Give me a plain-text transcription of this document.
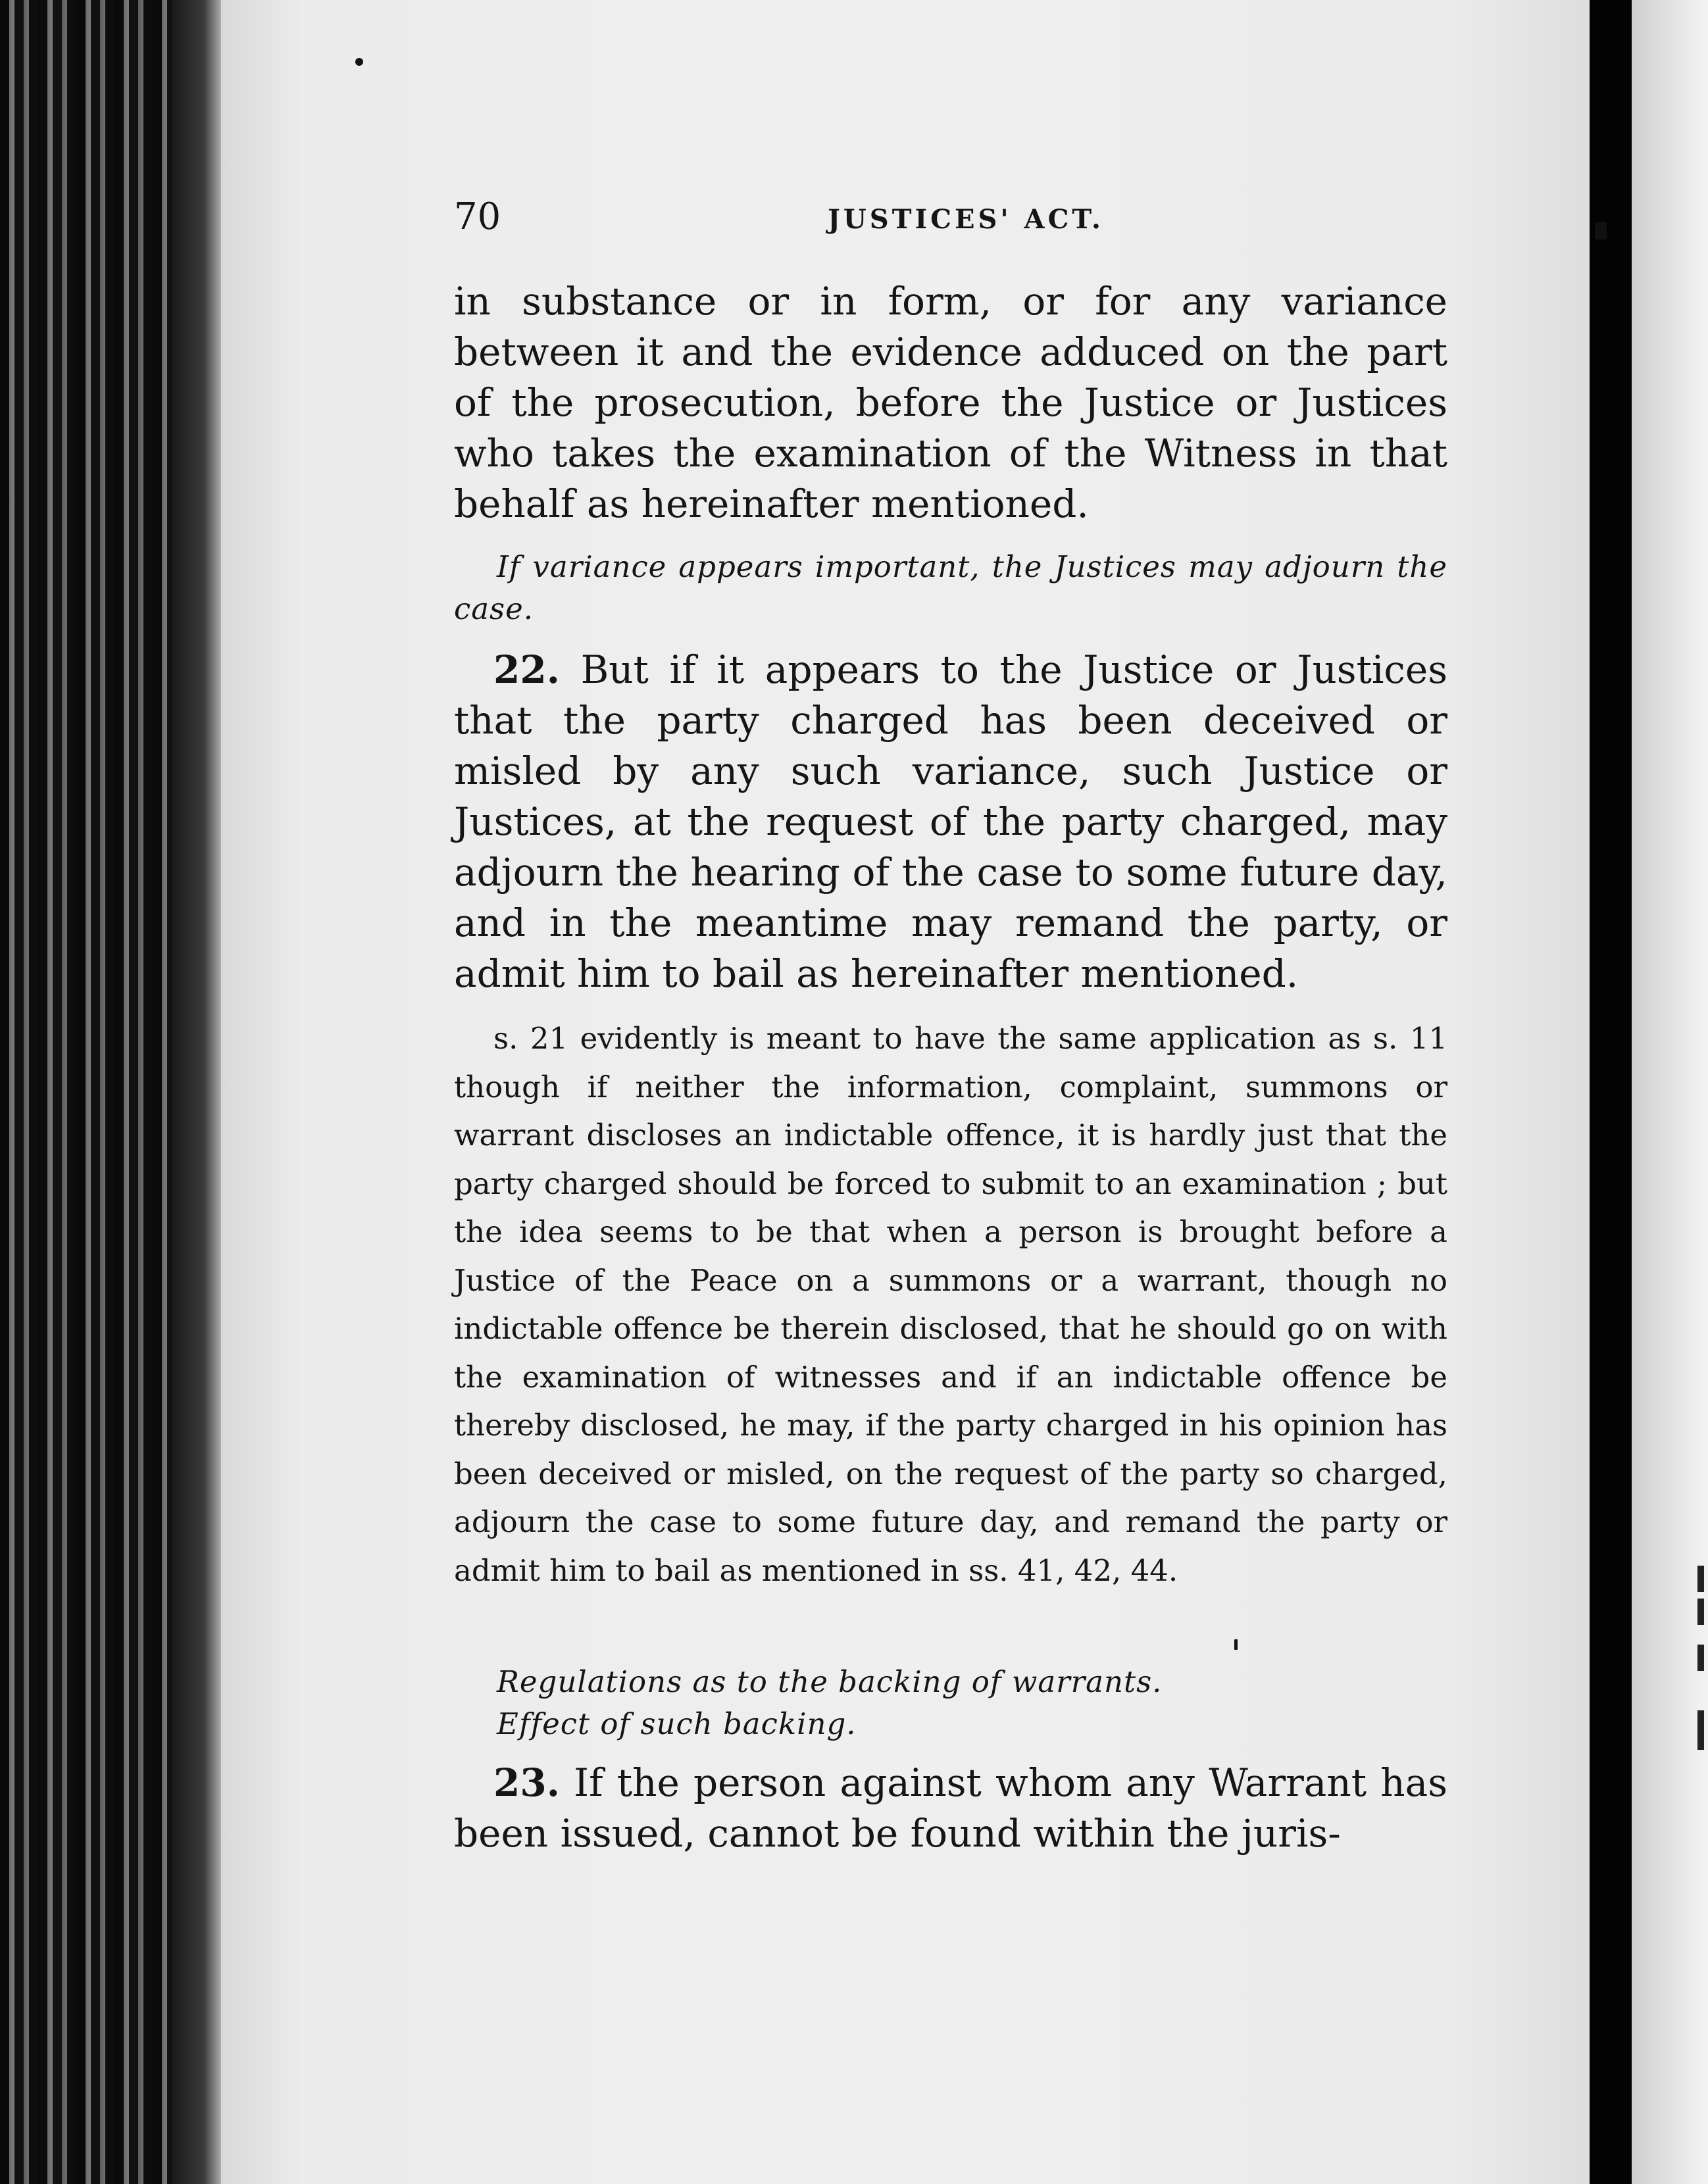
70	JUSTICES' ACT.

in substance or in form, or for any variance between it and the evidence adduced on the part of the prosecution, before the Justice or Justices who takes the examination of the Witness in that behalf as hereinafter mentioned.

If variance appears important, the Justices may adjourn the case.

22. But if it appears to the Justice or Justices that the party charged has been deceived or misled by any such variance, such Justice or Justices, at the request of the party charged, may adjourn the hearing of the case to some future day, and in the meantime may remand the party, or admit him to bail as hereinafter mentioned.

s. 21 evidently is meant to have the same application as s. 11 though if neither the information, complaint, summons or warrant discloses an indictable offence, it is hardly just that the party charged should be forced to submit to an examination ; but the idea seems to be that when a person is brought before a Justice of the Peace on a summons or a warrant, though no indictable offence be therein disclosed, that he should go on with the examination of witnesses and if an indictable offence be thereby disclosed, he may, if the party charged in his opinion has been deceived or misled, on the request of the party so charged, adjourn the case to some future day, and remand the party or admit him to bail as mentioned in ss. 41, 42, 44.

Regulations as to the backing of warrants.

Effect of such backing.

23. If the person against whom any Warrant has been issued, cannot be found within the juris-
